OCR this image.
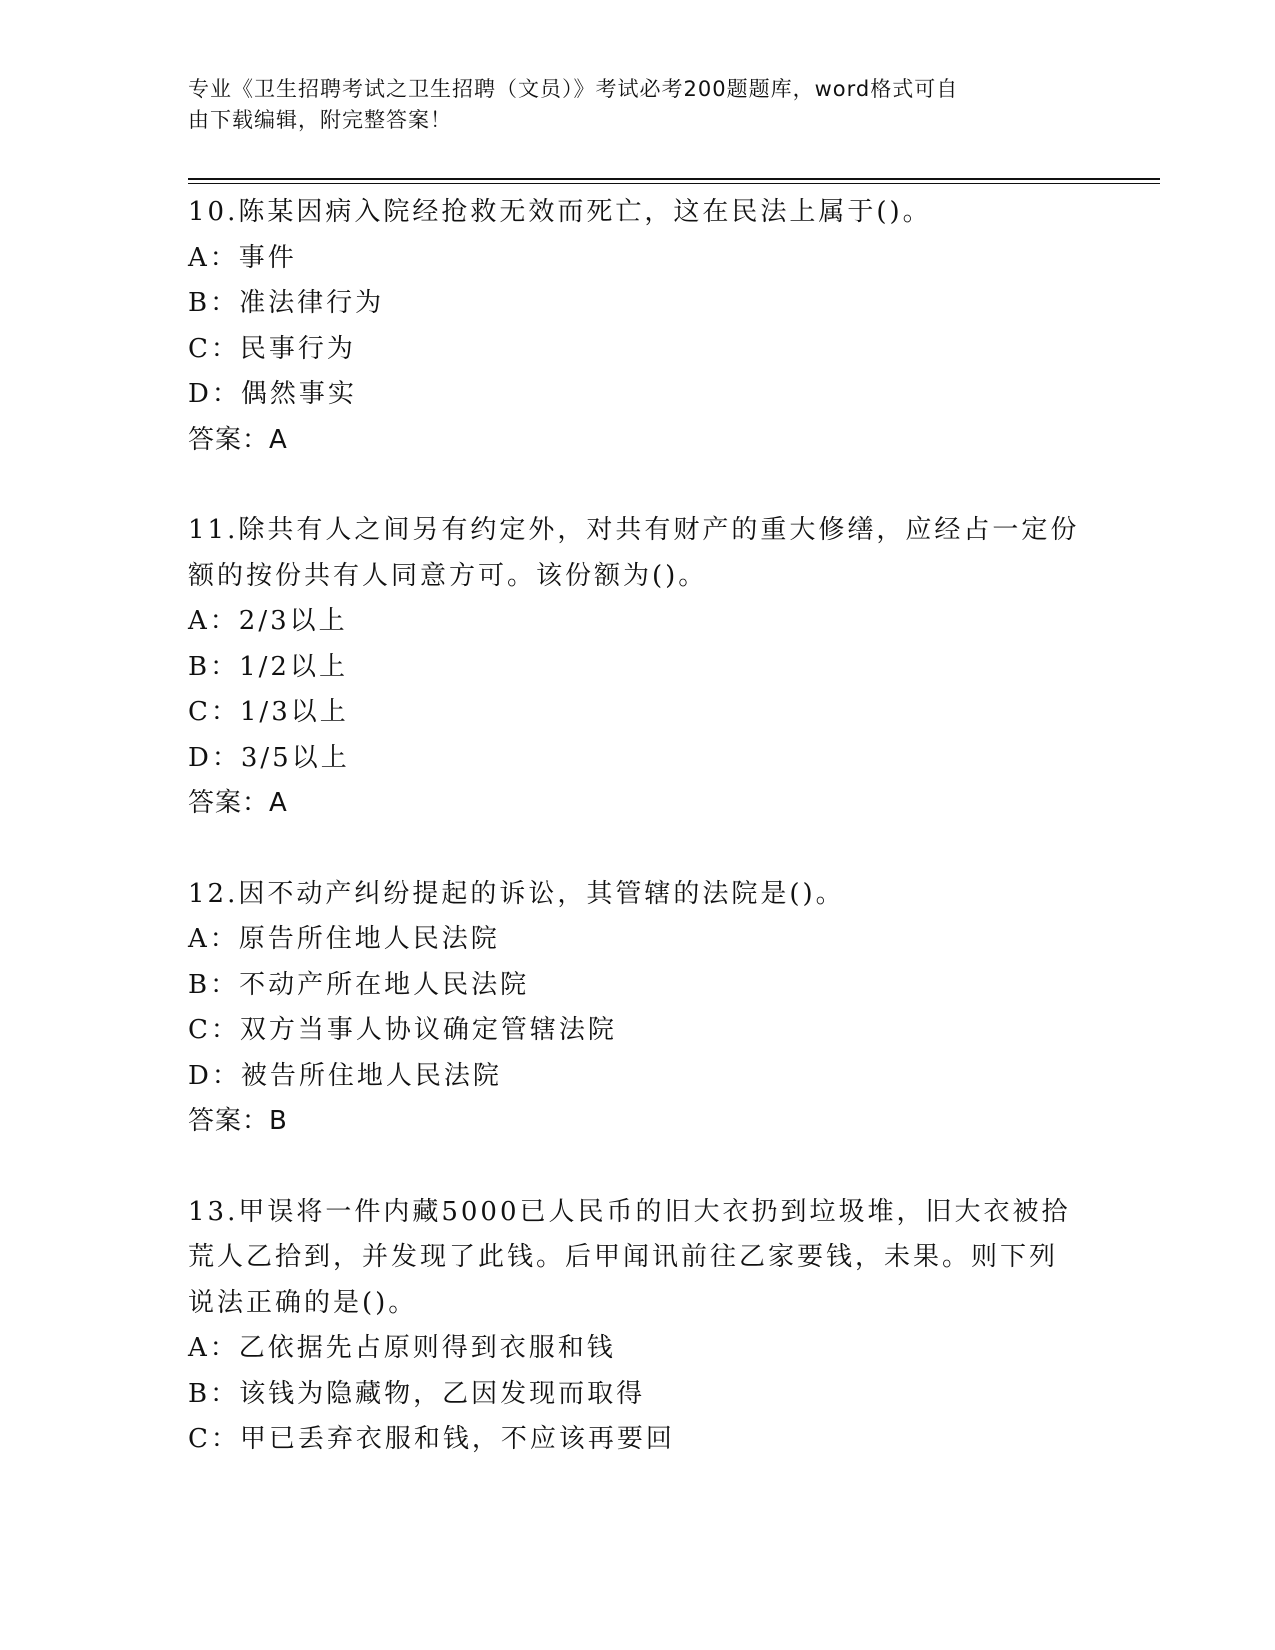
专业《卫生招聘考试之卫生招聘（文员）》考试必考200题题库，word格式可自
由下载编辑，附完整答案！
10.陈某因病入院经抢救无效而死亡，这在民法上属于()。
A：事件
B：准法律行为
C：民事行为
D：偶然事实
答案：A
11.除共有人之间另有约定外，对共有财产的重大修缮，应经占一定份
额的按份共有人同意方可。该份额为()。
A：2/3以上
B：1/2以上
C：1/3以上
D：3/5以上
答案：A
12.因不动产纠纷提起的诉讼，其管辖的法院是()。
A：原告所住地人民法院
B：不动产所在地人民法院
C：双方当事人协议确定管辖法院
D：被告所住地人民法院
答案：B
13.甲误将一件内藏5000已人民币的旧大衣扔到垃圾堆，旧大衣被拾
荒人乙拾到，并发现了此钱。后甲闻讯前往乙家要钱，未果。则下列
说法正确的是()。
A：乙依据先占原则得到衣服和钱
B：该钱为隐藏物，乙因发现而取得
C：甲已丢弃衣服和钱，不应该再要回
